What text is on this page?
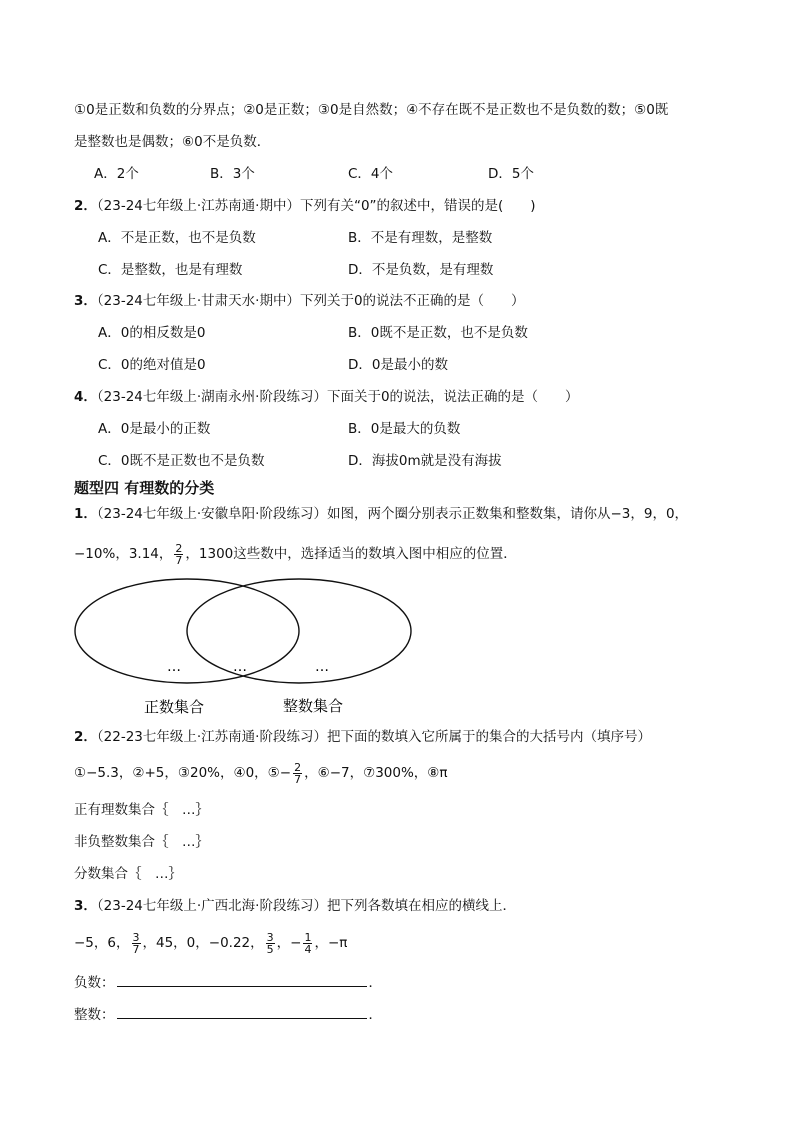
①0是正数和负数的分界点；②0是正数；③0是自然数；④不存在既不是正数也不是负数的数；⑤0既
是整数也是偶数；⑥0不是负数．
A．2个	B．3个	C．4个	D．5个
2．（23-24七年级上·江苏南通·期中）下列有关“0”的叙述中，错误的是(　　)
A．不是正数，也不是负数	B．不是有理数，是整数
C．是整数，也是有理数	D．不是负数，是有理数
3．（23-24七年级上·甘肃天水·期中）下列关于0的说法不正确的是（　　）
A．0的相反数是0	B．0既不是正数，也不是负数
C．0的绝对值是0	D．0是最小的数
4．（23-24七年级上·湖南永州·阶段练习）下面关于0的说法，说法正确的是（　　）
A．0是最小的正数	B．0是最大的负数
C．0既不是正数也不是负数	D．海拔0m就是没有海拔
题型四 有理数的分类
1．（23-24七年级上·安徽阜阳·阶段练习）如图，两个圈分别表示正数集和整数集，请你从−3，9，0，
−10%，3.14， $\frac{2}{7}$ ，1300这些数中，选择适当的数填入图中相应的位置．
…	…	…
正数集合	整数集合
2．（22-23七年级上·江苏南通·阶段练习）把下面的数填入它所属于的集合的大括号内（填序号）
①−5.3，②+5，③20%，④0，⑤− $\frac{2}{7}$ ，⑥−7，⑦300%，⑧π
正有理数集合｛　…｝
非负整数集合｛　…｝
分数集合｛　…｝
3．（23-24七年级上·广西北海·阶段练习）把下列各数填在相应的横线上．
−5，6， $\frac{3}{7}$ ，45，0，−0.22， $\frac{3}{5}$ ，− $\frac{1}{4}$ ，−π
负数：	．
整数：	．
